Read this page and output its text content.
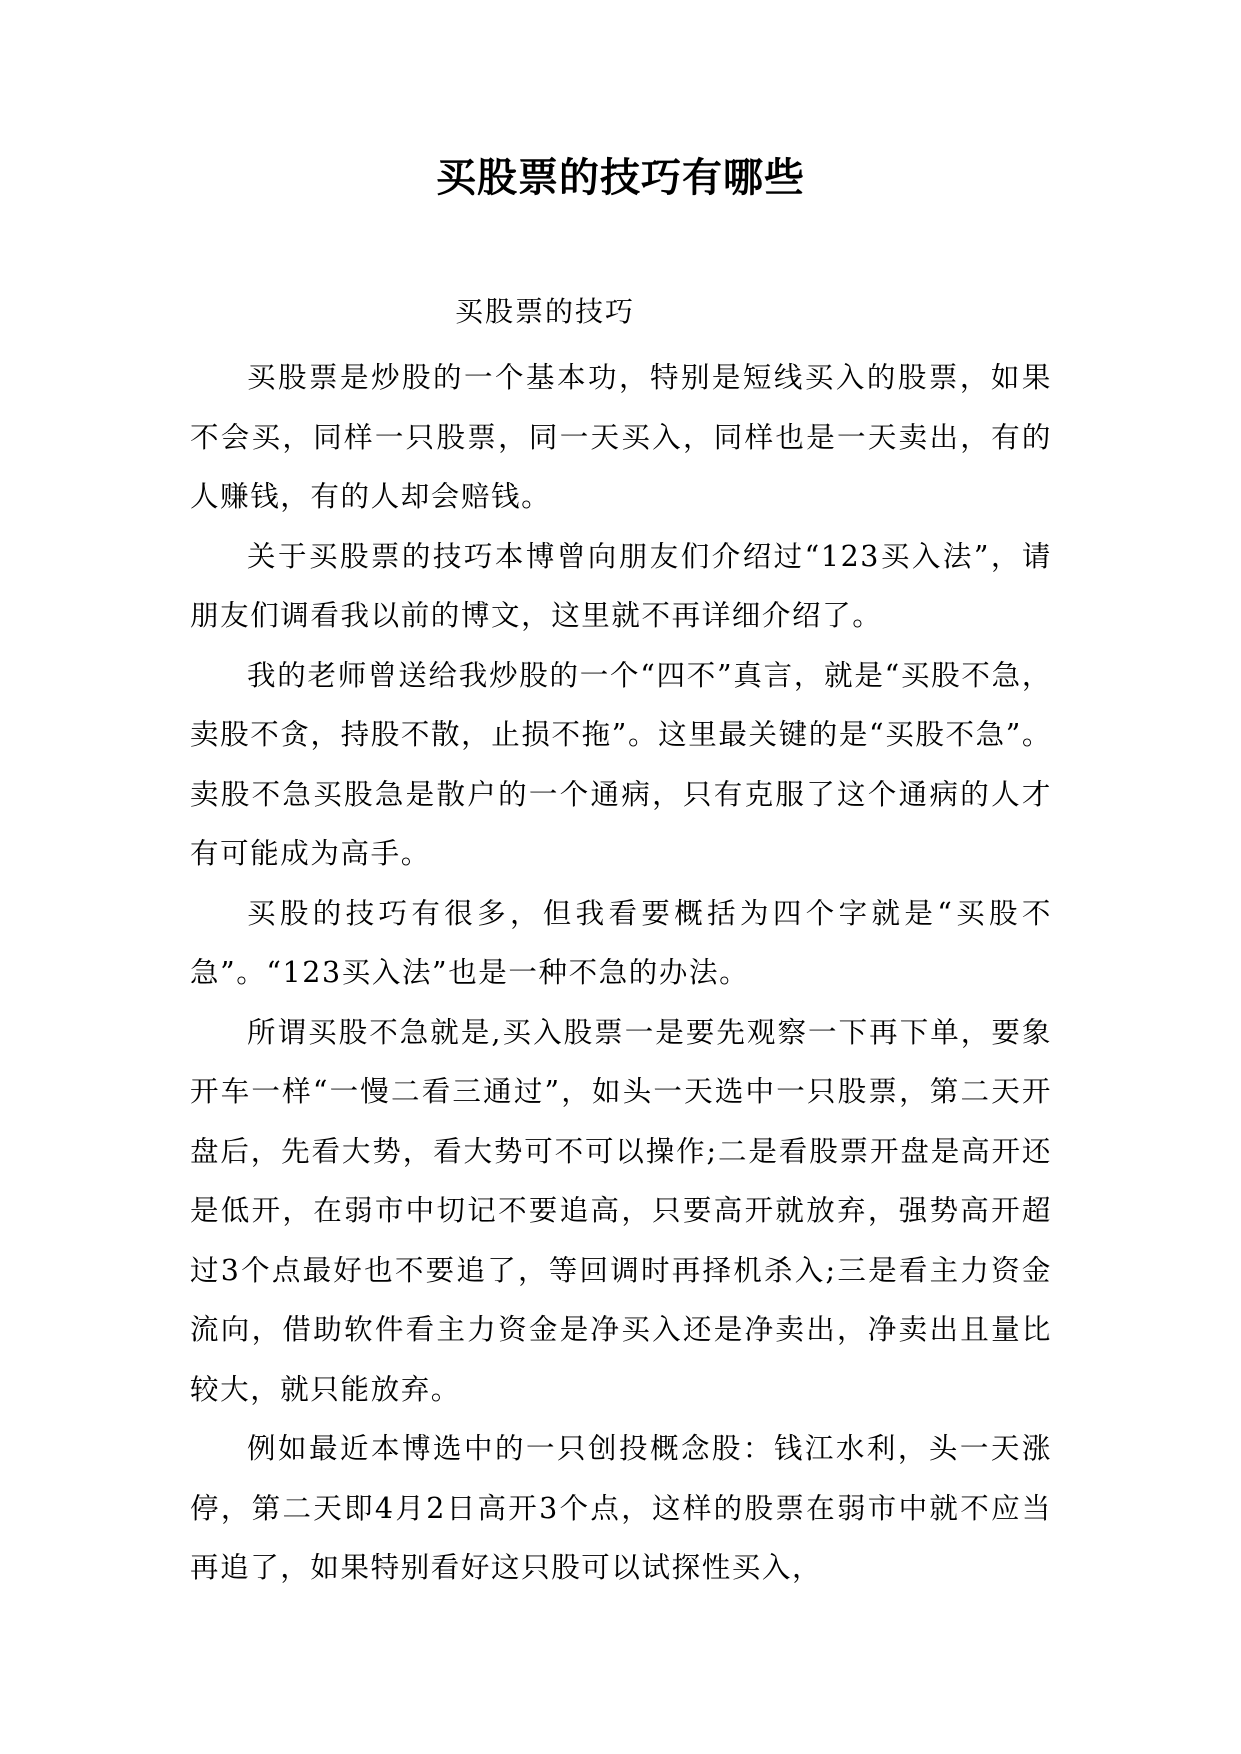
买股票的技巧有哪些

买股票的技巧

买股票是炒股的一个基本功，特别是短线买入的股票，如果不会买，同样一只股票，同一天买入，同样也是一天卖出，有的人赚钱，有的人却会赔钱。

关于买股票的技巧本博曾向朋友们介绍过“123买入法”，请朋友们调看我以前的博文，这里就不再详细介绍了。

我的老师曾送给我炒股的一个“四不”真言，就是“买股不急，卖股不贪，持股不散，止损不拖”。这里最关键的是“买股不急”。卖股不急买股急是散户的一个通病，只有克服了这个通病的人才有可能成为高手。

买股的技巧有很多，但我看要概括为四个字就是“买股不急”。“123买入法”也是一种不急的办法。

所谓买股不急就是,买入股票一是要先观察一下再下单，要象开车一样“一慢二看三通过”，如头一天选中一只股票，第二天开盘后，先看大势，看大势可不可以操作;二是看股票开盘是高开还是低开，在弱市中切记不要追高，只要高开就放弃，强势高开超过3个点最好也不要追了，等回调时再择机杀入;三是看主力资金流向，借助软件看主力资金是净买入还是净卖出，净卖出且量比较大，就只能放弃。

例如最近本博选中的一只创投概念股：钱江水利，头一天涨停，第二天即4月2日高开3个点，这样的股票在弱市中就不应当再追了，如果特别看好这只股可以试探性买入，
